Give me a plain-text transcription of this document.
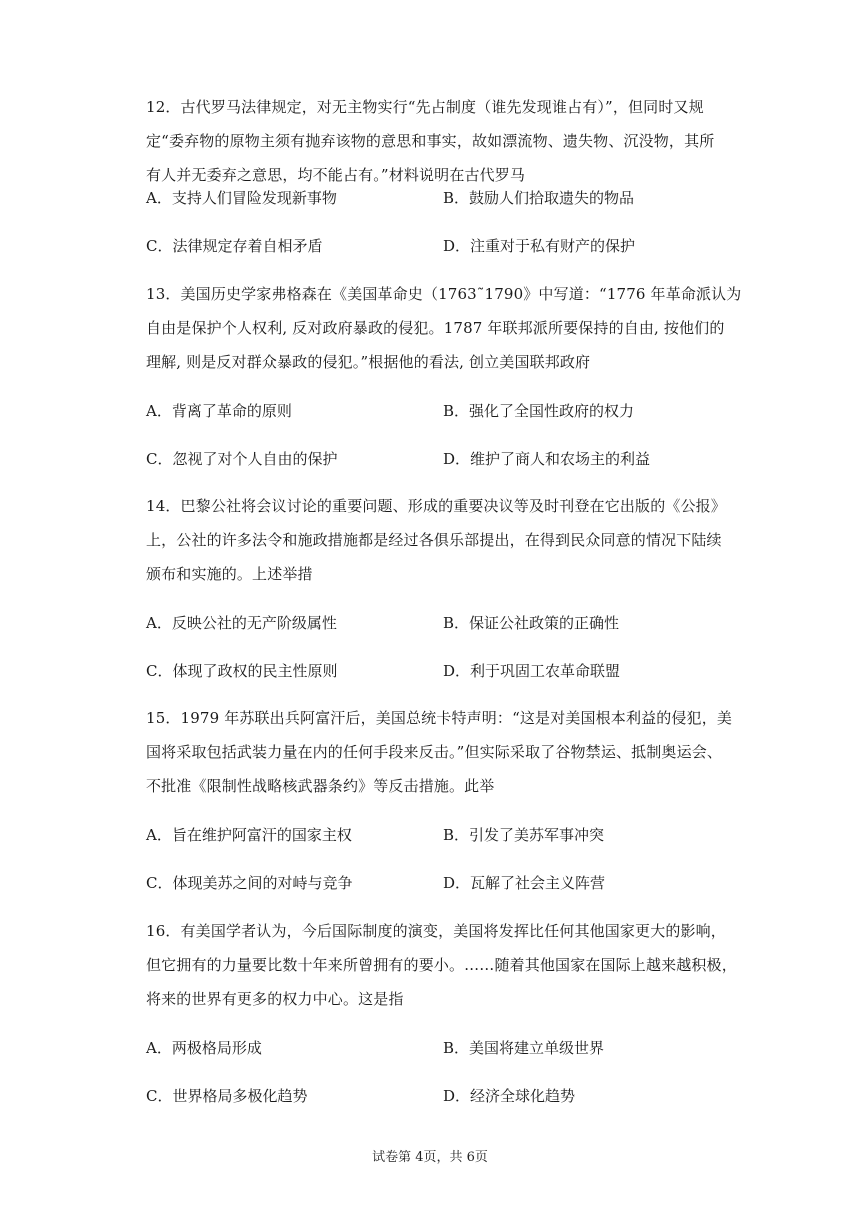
12．古代罗马法律规定，对无主物实行“先占制度（谁先发现谁占有）”，但同时又规

定“委弃物的原物主须有抛弃该物的意思和事实，故如漂流物、遗失物、沉没物，其所

有人并无委弃之意思，均不能占有。”材料说明在古代罗马

A．支持人们冒险发现新事物	B．鼓励人们拾取遗失的物品
C．法律规定存着自相矛盾	D．注重对于私有财产的保护

13．美国历史学家弗格森在《美国革命史（1763˜1790》中写道：“1776 年革命派认为

自由是保护个人权利, 反对政府暴政的侵犯。1787 年联邦派所要保持的自由, 按他们的

理解, 则是反对群众暴政的侵犯。”根据他的看法, 创立美国联邦政府

A．背离了革命的原则	B．强化了全国性政府的权力
C．忽视了对个人自由的保护	D．维护了商人和农场主的利益

14．巴黎公社将会议讨论的重要问题、形成的重要决议等及时刊登在它出版的《公报》

上，公社的许多法令和施政措施都是经过各俱乐部提出，在得到民众同意的情况下陆续

颁布和实施的。上述举措

A．反映公社的无产阶级属性	B．保证公社政策的正确性
C．体现了政权的民主性原则	D．利于巩固工农革命联盟

15．1979 年苏联出兵阿富汗后，美国总统卡特声明：“这是对美国根本利益的侵犯，美

国将采取包括武装力量在内的任何手段来反击。”但实际采取了谷物禁运、抵制奥运会、

不批准《限制性战略核武器条约》等反击措施。此举

A．旨在维护阿富汗的国家主权	B．引发了美苏军事冲突
C．体现美苏之间的对峙与竞争	D．瓦解了社会主义阵营

16．有美国学者认为，今后国际制度的演变，美国将发挥比任何其他国家更大的影响，

但它拥有的力量要比数十年来所曾拥有的要小。……随着其他国家在国际上越来越积极，

将来的世界有更多的权力中心。这是指

A．两极格局形成	B．美国将建立单级世界
C．世界格局多极化趋势	D．经济全球化趋势
试卷第 4页，共 6页
